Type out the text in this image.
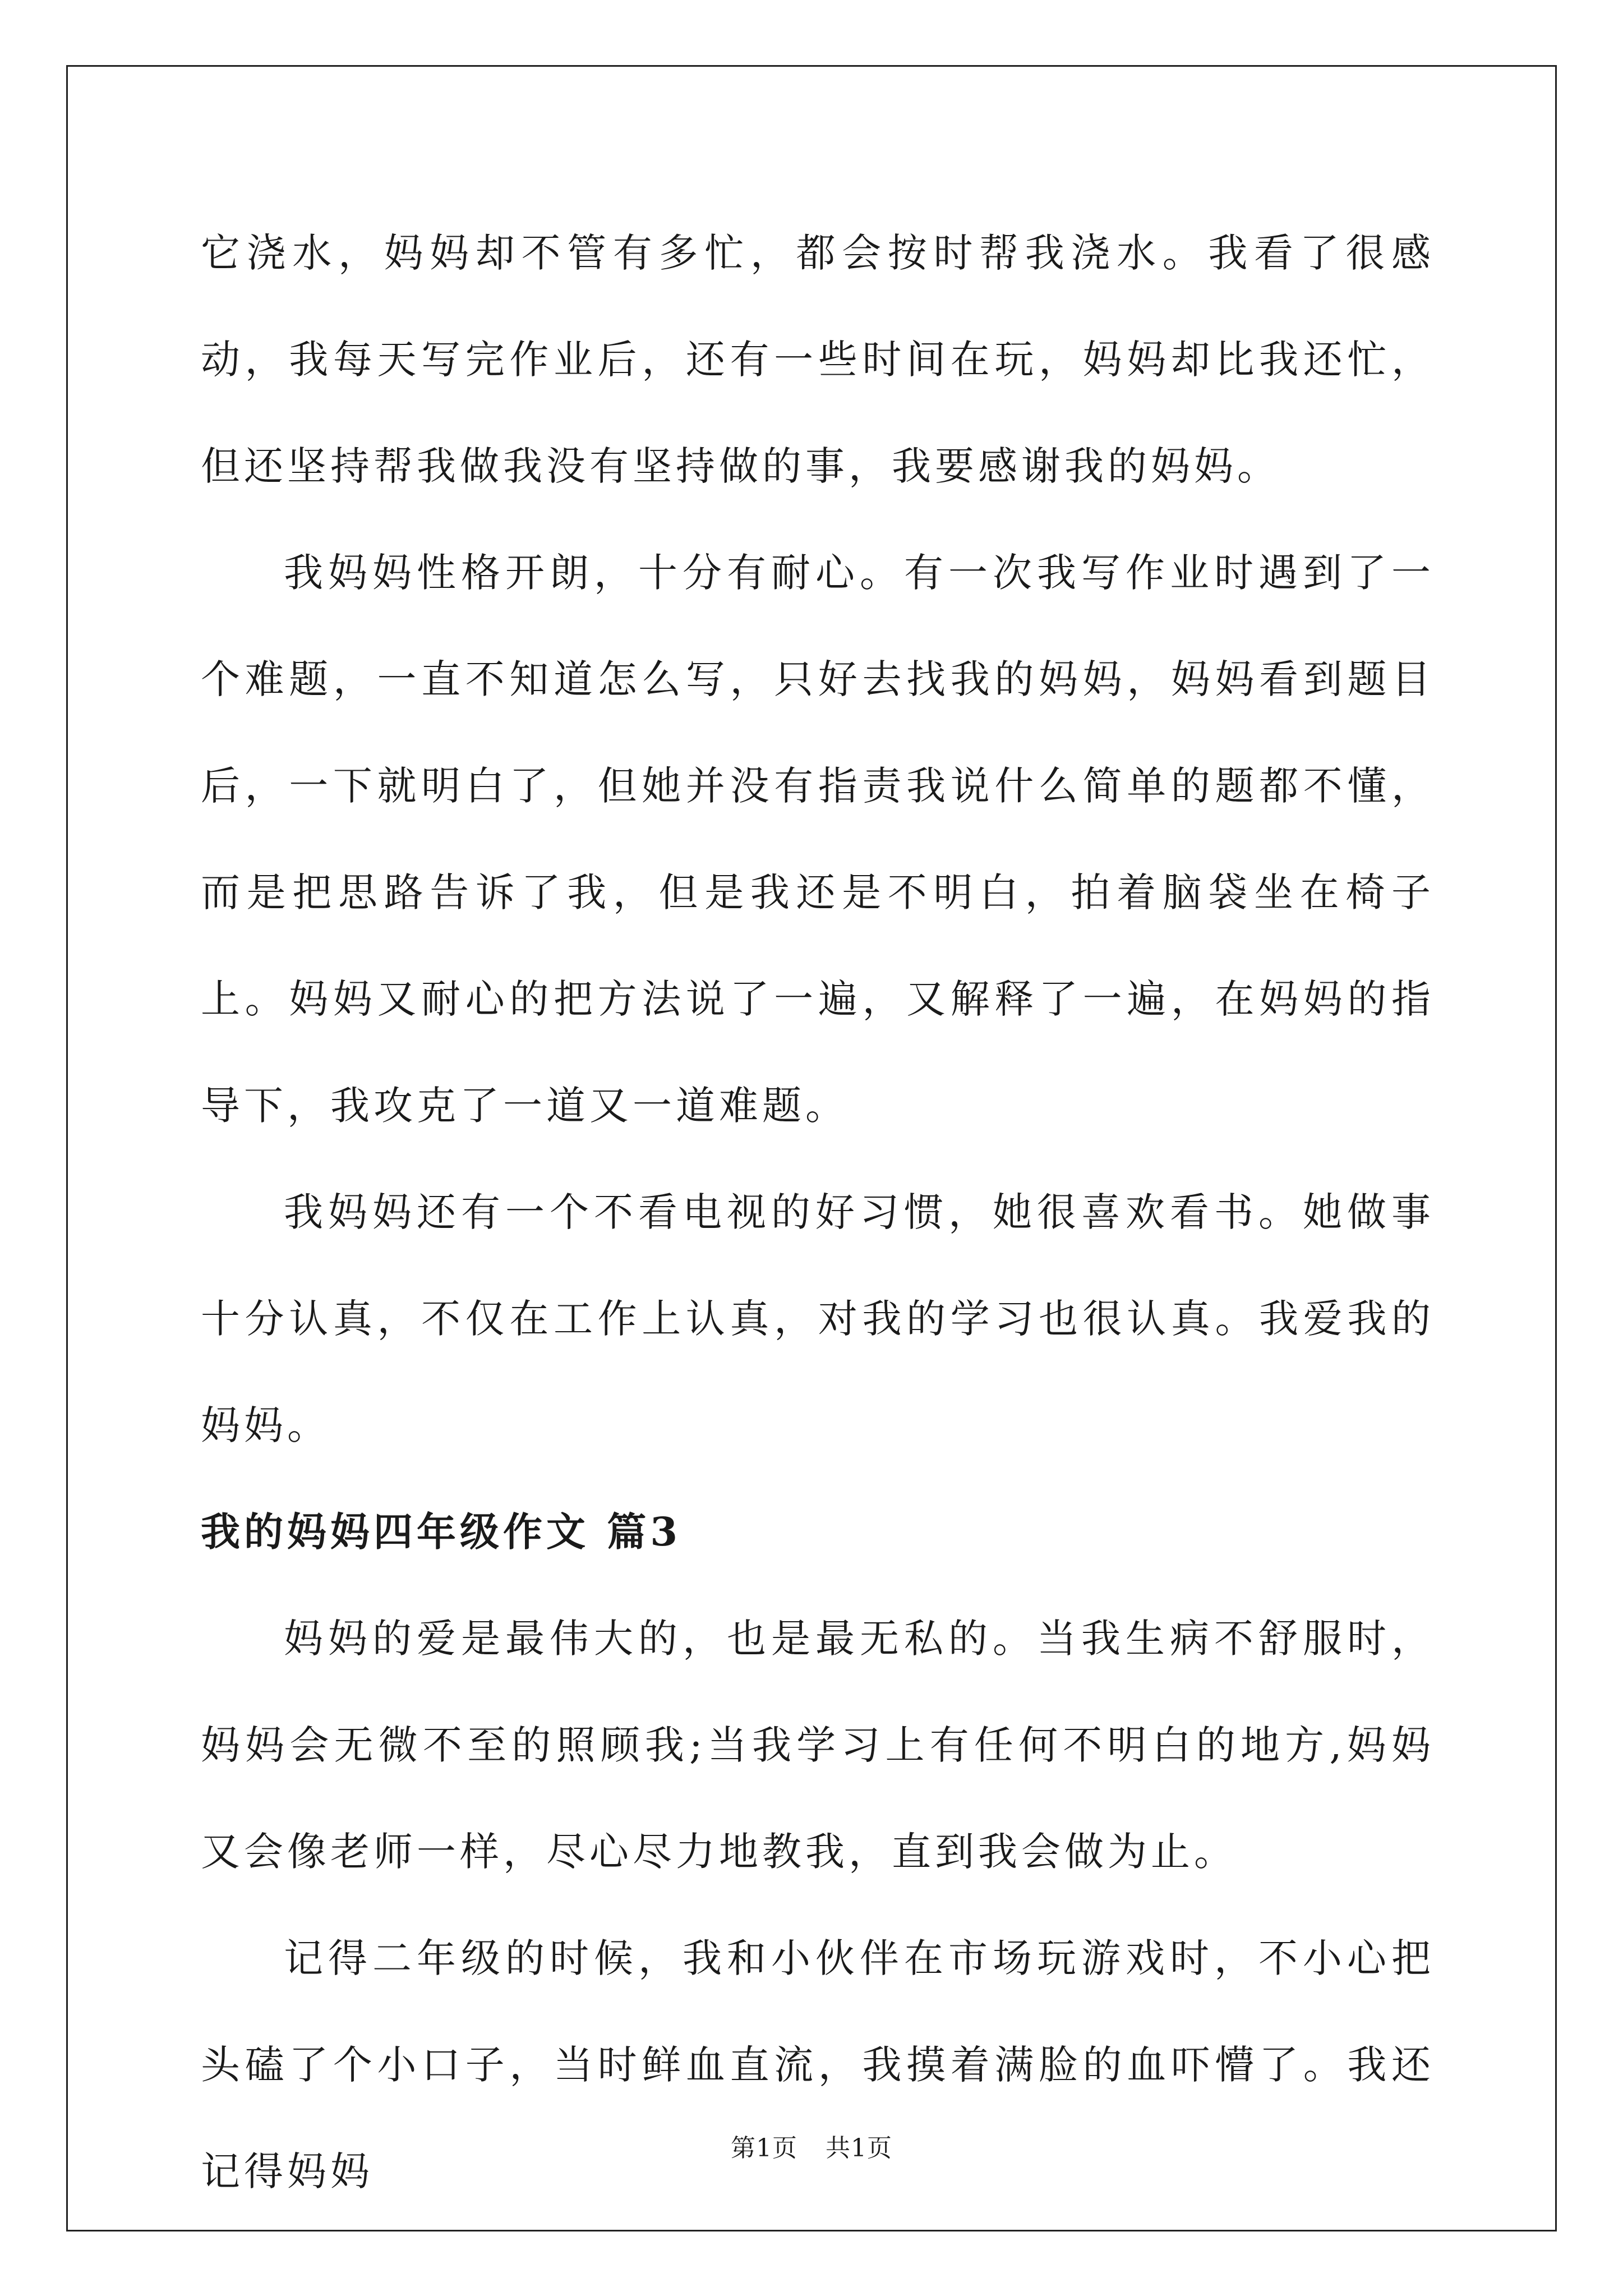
它浇水，妈妈却不管有多忙，都会按时帮我浇水。我看了很感动，我每天写完作业后，还有一些时间在玩，妈妈却比我还忙，但还坚持帮我做我没有坚持做的事，我要感谢我的妈妈。

我妈妈性格开朗，十分有耐心。有一次我写作业时遇到了一个难题，一直不知道怎么写，只好去找我的妈妈，妈妈看到题目后，一下就明白了，但她并没有指责我说什么简单的题都不懂，而是把思路告诉了我，但是我还是不明白，拍着脑袋坐在椅子上。妈妈又耐心的把方法说了一遍，又解释了一遍，在妈妈的指导下，我攻克了一道又一道难题。

我妈妈还有一个不看电视的好习惯，她很喜欢看书。她做事十分认真，不仅在工作上认真，对我的学习也很认真。我爱我的妈妈。

我的妈妈四年级作文 篇3

妈妈的爱是最伟大的，也是最无私的。当我生病不舒服时，妈妈会无微不至的照顾我;当我学习上有任何不明白的地方,妈妈又会像老师一样，尽心尽力地教我，直到我会做为止。

记得二年级的时候，我和小伙伴在市场玩游戏时，不小心把头磕了个小口子，当时鲜血直流，我摸着满脸的血吓懵了。我还记得妈妈

第1页 共1页
